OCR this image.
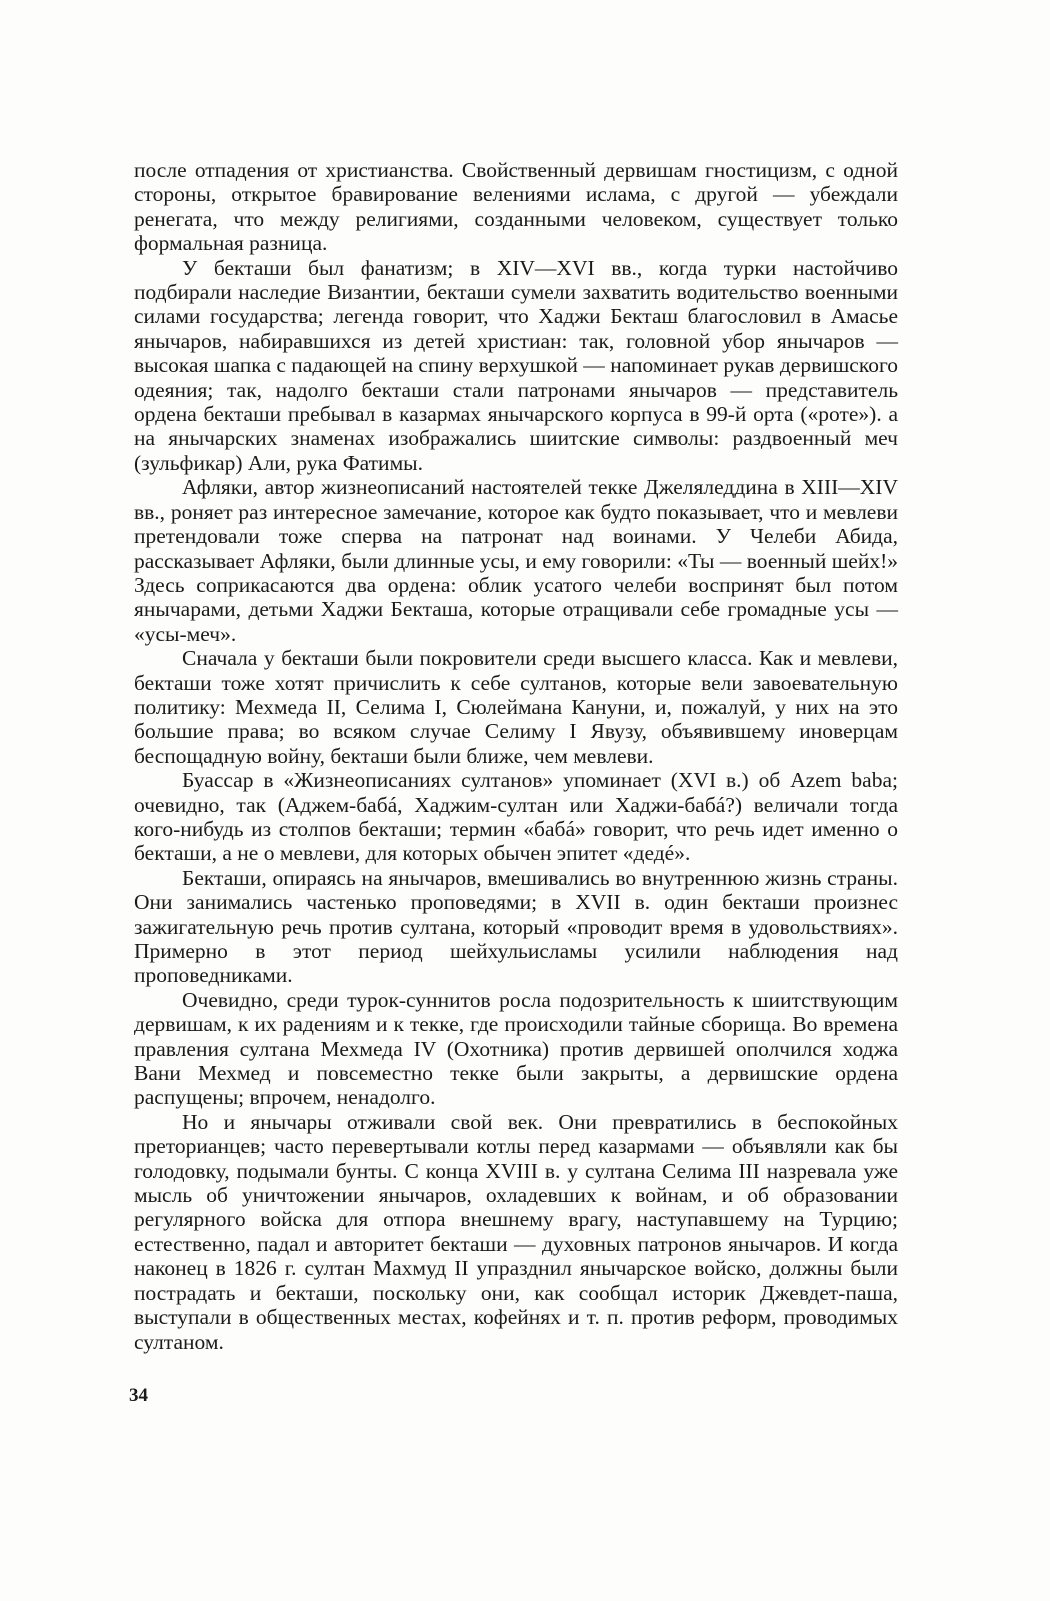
после отпадения от христианства. Свойственный дервишам гностицизм, с одной стороны, открытое бравирование велениями ислама, с другой — убеждали ренегата, что между религиями, созданными человеком, существует только формальная разница.

У бекташи был фанатизм; в XIV—XVI вв., когда турки настойчиво подбирали наследие Византии, бекташи сумели захватить водительство военными силами государства; легенда говорит, что Хаджи Бекташ благословил в Амасье янычаров, набиравшихся из детей христиан: так, головной убор янычаров — высокая шапка с падающей на спину верхушкой — напоминает рукав дервишского одеяния; так, надолго бекташи стали патронами янычаров — представитель ордена бекташи пребывал в казармах янычарского корпуса в 99-й орта («роте»). а на янычарских знаменах изображались шиитские символы: раздвоенный меч (зульфикар) Али, рука Фатимы.

Афляки, автор жизнеописаний настоятелей текке Джеляледдина в XIII—XIV вв., роняет раз интересное замечание, которое как будто показывает, что и мевлеви претендовали тоже сперва на патронат над воинами. У Челеби Абида, рассказывает Афляки, были длинные усы, и ему говорили: «Ты — военный шейх!» Здесь соприкасаются два ордена: облик усатого челеби воспринят был потом янычарами, детьми Хаджи Бекташа, которые отращивали себе громадные усы — «усы-меч».

Сначала у бекташи были покровители среди высшего класса. Как и мевлеви, бекташи тоже хотят причислить к себе султанов, которые вели завоевательную политику: Мехмеда II, Селима I, Сюлеймана Кануни, и, пожалуй, у них на это большие права; во всяком случае Селиму I Явузу, объявившему иноверцам беспощадную войну, бекташи были ближе, чем мевлеви.

Буассар в «Жизнеописаниях султанов» упоминает (XVI в.) об Azem baba; очевидно, так (Аджем-бaбá, Хаджим-султан или Хаджи-бабá?) величали тогда кого-нибудь из столпов бекташи; термин «бабá» говорит, что речь идет именно о бекташи, а не о мевлеви, для которых обычен эпитет «дедé».

Бекташи, опираясь на янычаров, вмешивались во внутреннюю жизнь страны. Они занимались частенько проповедями; в XVII в. один бекташи произнес зажигательную речь против султана, который «проводит время в удовольствиях». Примерно в этот период шейхульисламы усилили наблюдения над проповедниками.

Очевидно, среди турок-суннитов росла подозрительность к шиитствующим дервишам, к их радениям и к текке, где происходили тайные сборища. Во времена правления султана Мехмеда IV (Охотника) против дервишей ополчился ходжа Вани Мехмед и повсеместно текке были закрыты, а дервишские ордена распущены; впрочем, ненадолго.

Но и янычары отживали свой век. Они превратились в беспокойных преторианцев; часто перевертывали котлы перед казармами — объявляли как бы голодовку, подымали бунты. С конца XVIII в. у султана Селима III назревала уже мысль об уничтожении янычаров, охладевших к войнам, и об образовании регулярного войска для отпора внешнему врагу, наступавшему на Турцию; естественно, падал и авторитет бекташи — духовных патронов янычаров. И когда наконец в 1826 г. султан Махмуд II упразднил янычарское войско, должны были пострадать и бекташи, поскольку они, как сообщал историк Джевдет-паша, выступали в общественных местах, кофейнях и т. п. против реформ, проводимых султаном.

34
